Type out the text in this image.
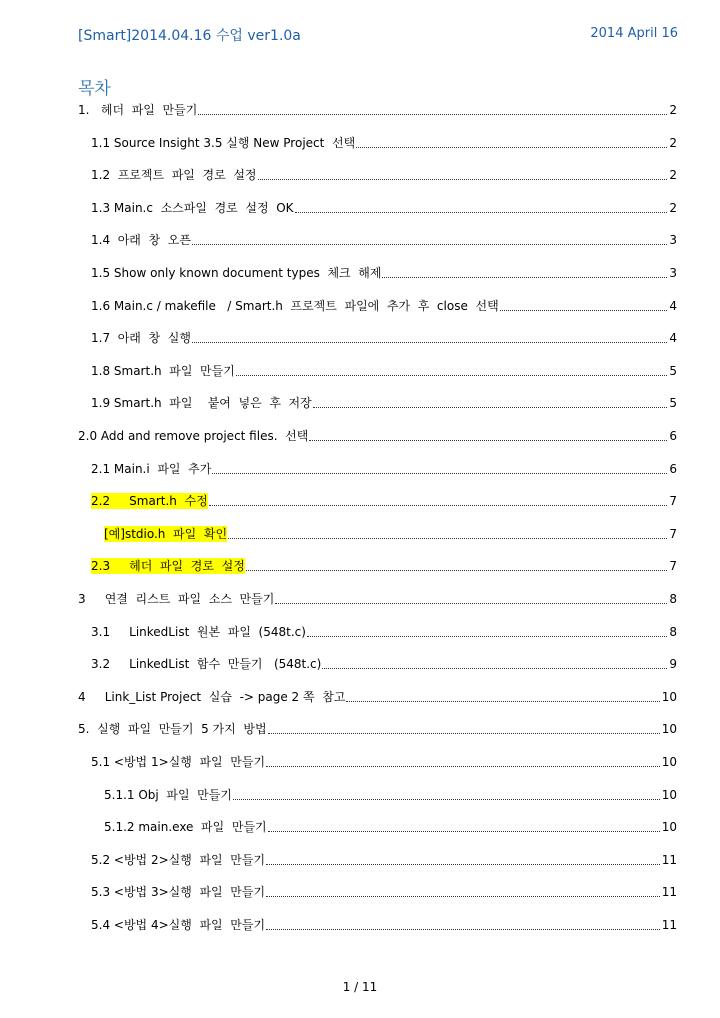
[Smart]2014.04.16 수업 ver1.0a	2014 April 16
목차
1.   헤더  파일  만들기	2
1.1 Source Insight 3.5 실행 New Project  선택	2
1.2  프로젝트  파일  경로  설정	2
1.3 Main.c  소스파일  경로  설정  OK	2
1.4  아래  창  오픈	3
1.5 Show only known document types  체크  해제	3
1.6 Main.c / makefile   / Smart.h  프로젝트  파일에  추가  후  close  선택	4
1.7  아래  창  실행	4
1.8 Smart.h  파일  만들기	5
1.9 Smart.h  파일    붙여  넣은  후  저장	5
2.0 Add and remove project files.  선택	6
2.1 Main.i  파일  추가	6
2.2     Smart.h  수정	7
[예]stdio.h  파일  확인	7
2.3     헤더  파일  경로  설정	7
3     연결  리스트  파일  소스  만들기	8
3.1     LinkedList  원본  파일  (548t.c)	8
3.2     LinkedList  함수  만들기   (548t.c)	9
4     Link_List Project  실습  -> page 2 쪽  참고	10
5.  실행  파일  만들기  5 가지  방법	10
5.1 <방법 1>실행  파일  만들기	10
5.1.1 Obj  파일  만들기	10
5.1.2 main.exe  파일  만들기	10
5.2 <방법 2>실행  파일  만들기	11
5.3 <방법 3>실행  파일  만들기	11
5.4 <방법 4>실행  파일  만들기	11
1 / 11
